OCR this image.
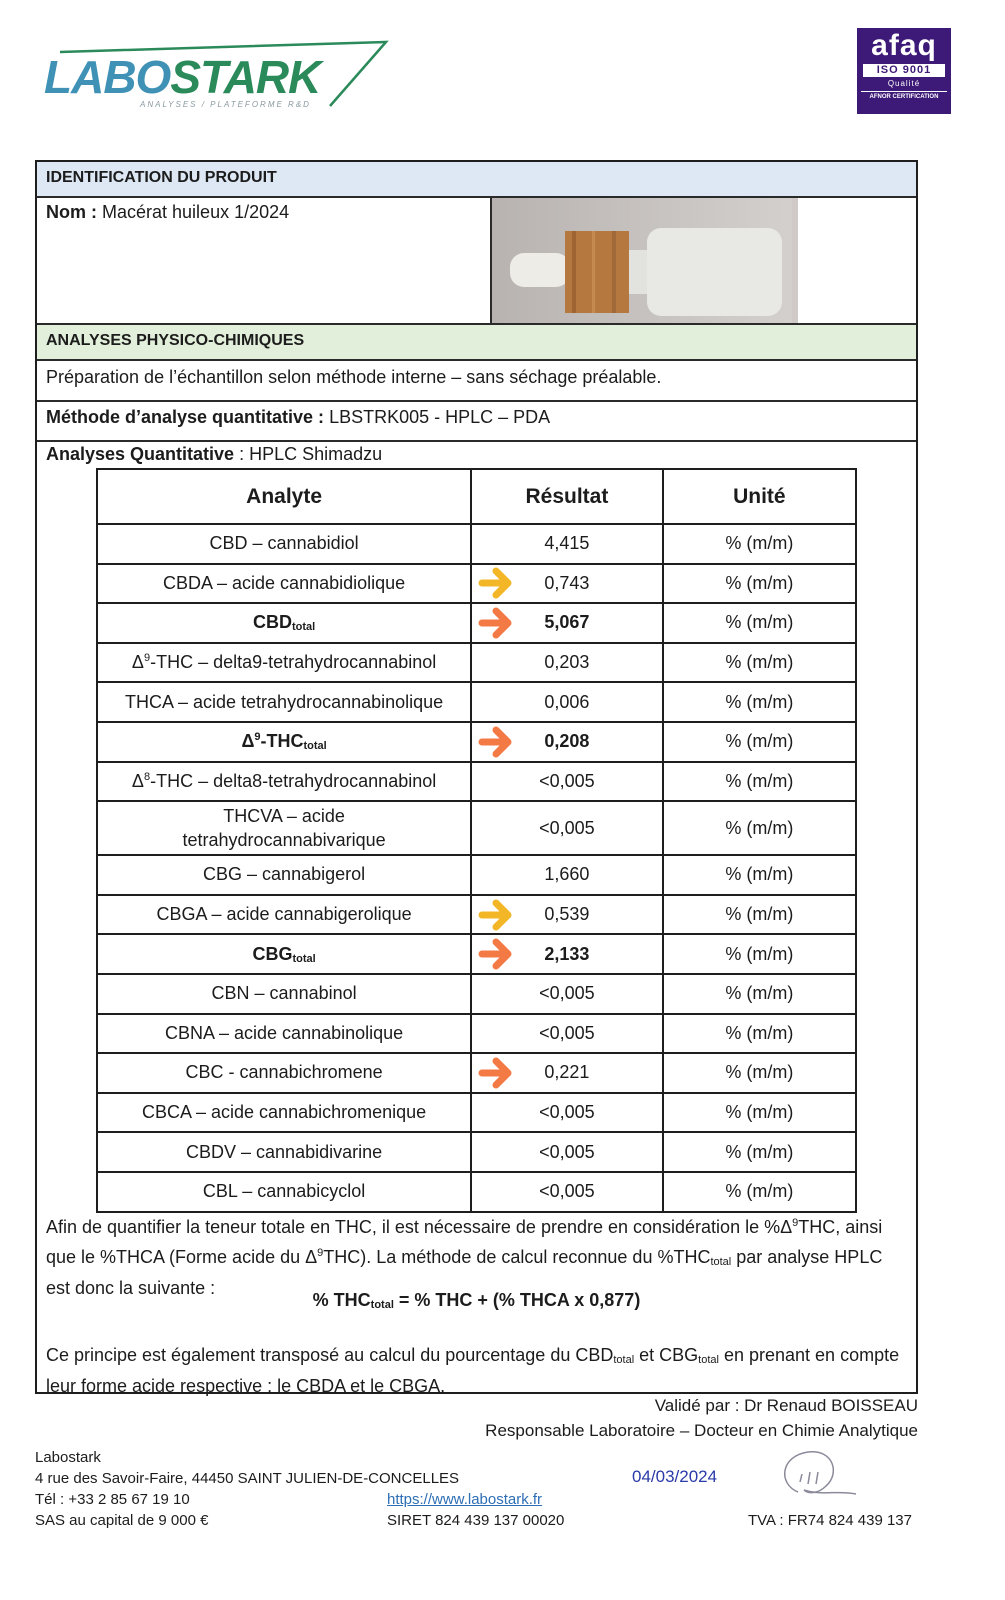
LABOSTARK
ANALYSES / PLATEFORME R&D
afaq
ISO 9001
Qualité
AFNOR CERTIFICATION
IDENTIFICATION DU PRODUIT
Nom : Macérat huileux 1/2024
ANALYSES PHYSICO-CHIMIQUES
Préparation de l’échantillon selon méthode interne – sans séchage préalable.
Méthode d’analyse quantitative : LBSTRK005 - HPLC – PDA
Analyses Quantitative : HPLC Shimadzu
Analyte	Résultat	Unité
CBD – cannabidiol	4,415	% (m/m)
CBDA – acide cannabidiolique	0,743	% (m/m)
$CBD_{total}$	5,067	% (m/m)
$\Delta^9$-THC – delta9-tetrahydrocannabinol	0,203	% (m/m)
THCA – acide tetrahydrocannabinolique	0,006	% (m/m)
$\Delta^9-THC_{total}$	0,208	% (m/m)
$\Delta^8$-THC – delta8-tetrahydrocannabinol	<0,005	% (m/m)
THCVA – acide
tetrahydrocannabivarique	<0,005	% (m/m)
CBG – cannabigerol	1,660	% (m/m)
CBGA – acide cannabigerolique	0,539	% (m/m)
$CBG_{total}$	2,133	% (m/m)
CBN – cannabinol	<0,005	% (m/m)
CBNA – acide cannabinolique	<0,005	% (m/m)
CBC - cannabichromene	0,221	% (m/m)
CBCA – acide cannabichromenique	<0,005	% (m/m)
CBDV – cannabidivarine	<0,005	% (m/m)
CBL – cannabicyclol	<0,005	% (m/m)
Afin de quantifier la teneur totale en THC, il est nécessaire de prendre en considération le $\%\Delta^9THC$, ainsi que le %THCA (Forme acide du $\Delta^9THC$). La méthode de calcul reconnue du $\%THC_{total}$ par analyse HPLC est donc la suivante :
% $THC_{total}$ = % THC + (% THCA x 0,877)
Ce principe est également transposé au calcul du pourcentage du $CBD_{total}$ et $CBG_{total}$ en prenant en compte leur forme acide respective : le CBDA et le CBGA.
Validé par : Dr Renaud BOISSEAU
Responsable Laboratoire – Docteur en Chimie Analytique
Labostark
4 rue des Savoir-Faire, 44450 SAINT JULIEN-DE-CONCELLES
Tél : +33 2 85 67 19 10
SAS au capital de 9 000 €
https://www.labostark.fr
SIRET 824 439 137 00020
04/03/2024
TVA : FR74 824 439 137
